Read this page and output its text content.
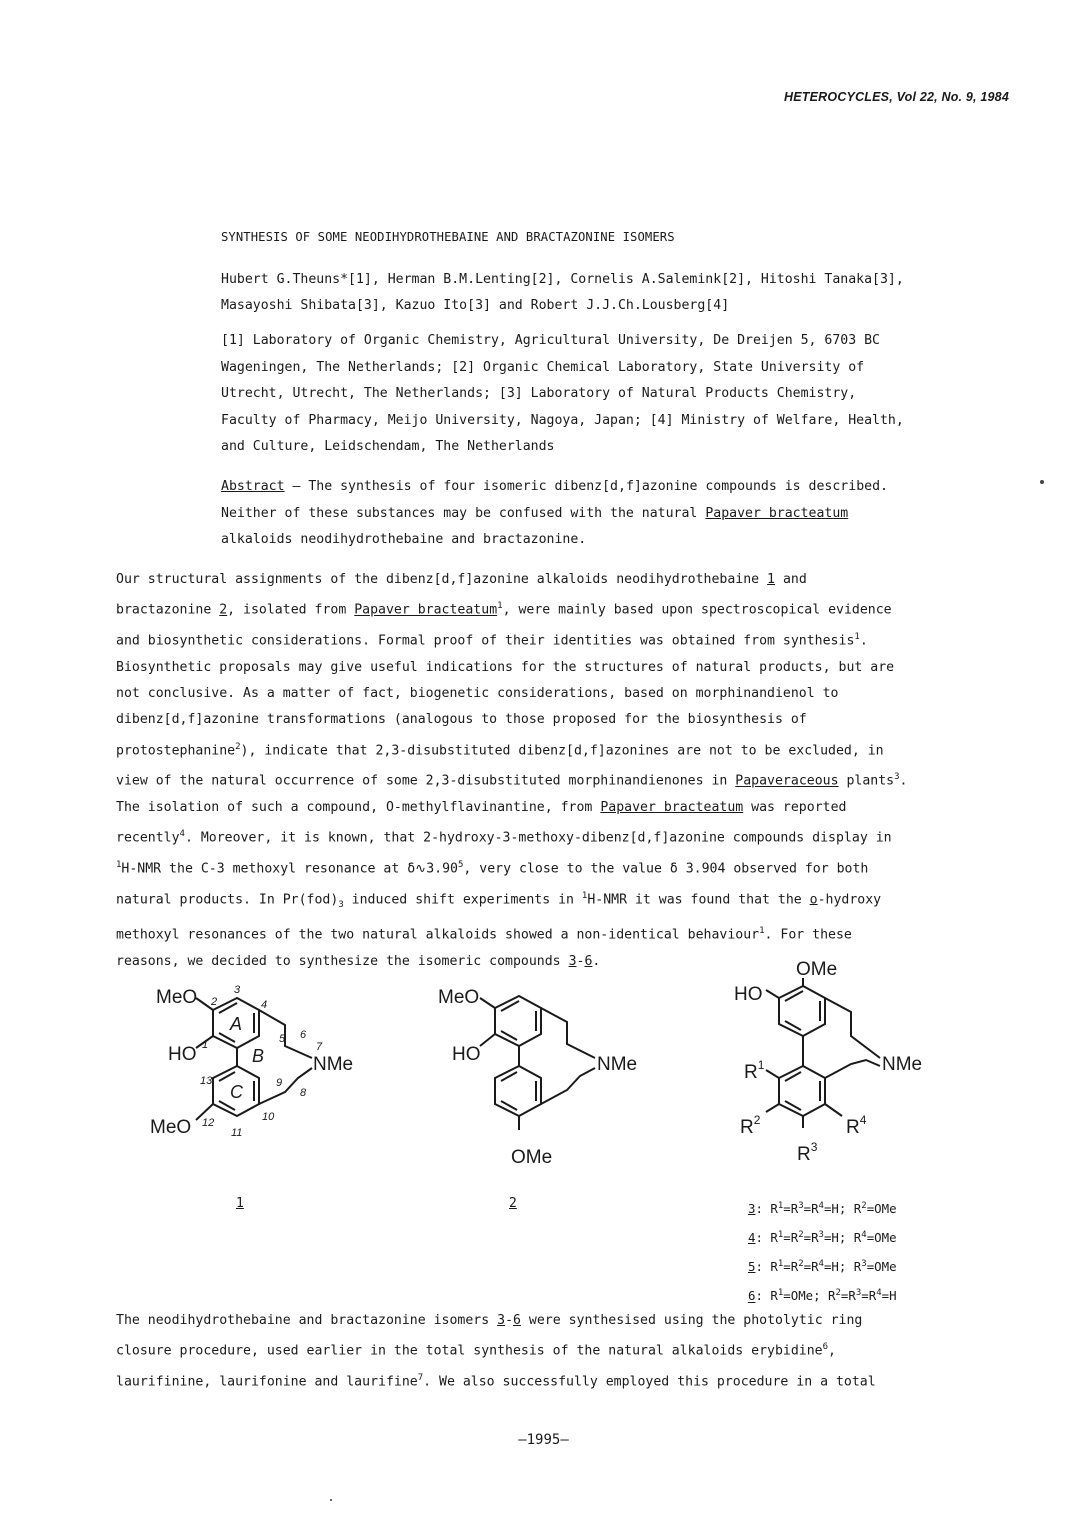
HETEROCYCLES, Vol 22, No. 9, 1984
SYNTHESIS OF SOME NEODIHYDROTHEBAINE AND BRACTAZONINE ISOMERS

Hubert G.Theuns*[1], Herman B.M.Lenting[2], Cornelis A.Salemink[2], Hitoshi Tanaka[3],

Masayoshi Shibata[3], Kazuo Ito[3] and Robert J.J.Ch.Lousberg[4]

[1] Laboratory of Organic Chemistry, Agricultural University, De Dreijen 5, 6703 BC

Wageningen, The Netherlands; [2] Organic Chemical Laboratory, State University of

Utrecht, Utrecht, The Netherlands; [3] Laboratory of Natural Products Chemistry,

Faculty of Pharmacy, Meijo University, Nagoya, Japan; [4] Ministry of Welfare, Health,

and Culture, Leidschendam, The Netherlands

Abstract — The synthesis of four isomeric dibenz[d,f]azonine compounds is described.

Neither of these substances may be confused with the natural Papaver bracteatum

alkaloids neodihydrothebaine and bractazonine.

Our structural assignments of the dibenz[d,f]azonine alkaloids neodihydrothebaine 1 and

bractazonine 2, isolated from Papaver bracteatum$^1$, were mainly based upon spectroscopical evidence

and biosynthetic considerations. Formal proof of their identities was obtained from synthesis$^1$.

Biosynthetic proposals may give useful indications for the structures of natural products, but are

not conclusive. As a matter of fact, biogenetic considerations, based on morphinandienol to

dibenz[d,f]azonine transformations (analogous to those proposed for the biosynthesis of

protostephanine$^2$), indicate that 2,3-disubstituted dibenz[d,f]azonines are not to be excluded, in

view of the natural occurrence of some 2,3-disubstituted morphinandienones in Papaveraceous plants$^3$.

The isolation of such a compound, O-methylflavinantine, from Papaver bracteatum was reported

recently$^4$. Moreover, it is known, that 2-hydroxy-3-methoxy-dibenz[d,f]azonine compounds display in

$^1$H-NMR the C-3 methoxyl resonance at δ∿3.90$^5$, very close to the value δ 3.904 observed for both

natural products. In $Pr(fod)_3$ induced shift experiments in $^1$H-NMR it was found that the o-hydroxy

methoxyl resonances of the two natural alkaloids showed a non-identical behaviour$^1$. For these

reasons, we decided to synthesize the isomeric compounds 3-6.

MeO
HO	NMe
MeO
A
B
C
1
2
3
4
5 6
7
8
9
10
11
12
13
MeO
HO	NMe
OMe
OMe
HO
NMe
$R^1$
$R^2$
$R^3$
$R^4$
1	2	3: $R^1=R^3=R^4=H$; $R^2=OMe$

4: $R^1=R^2=R^3=H$; $R^4=OMe$

5: $R^1=R^2=R^4=H$; $R^3=OMe$

6: $R^1=OMe$; $R^2=R^3=R^4=H$

The neodihydrothebaine and bractazonine isomers 3-6 were synthesised using the photolytic ring

closure procedure, used earlier in the total synthesis of the natural alkaloids erybidine$^6$,

laurifinine, laurifonine and laurifine$^7$. We also successfully employed this procedure in a total

—1995—
